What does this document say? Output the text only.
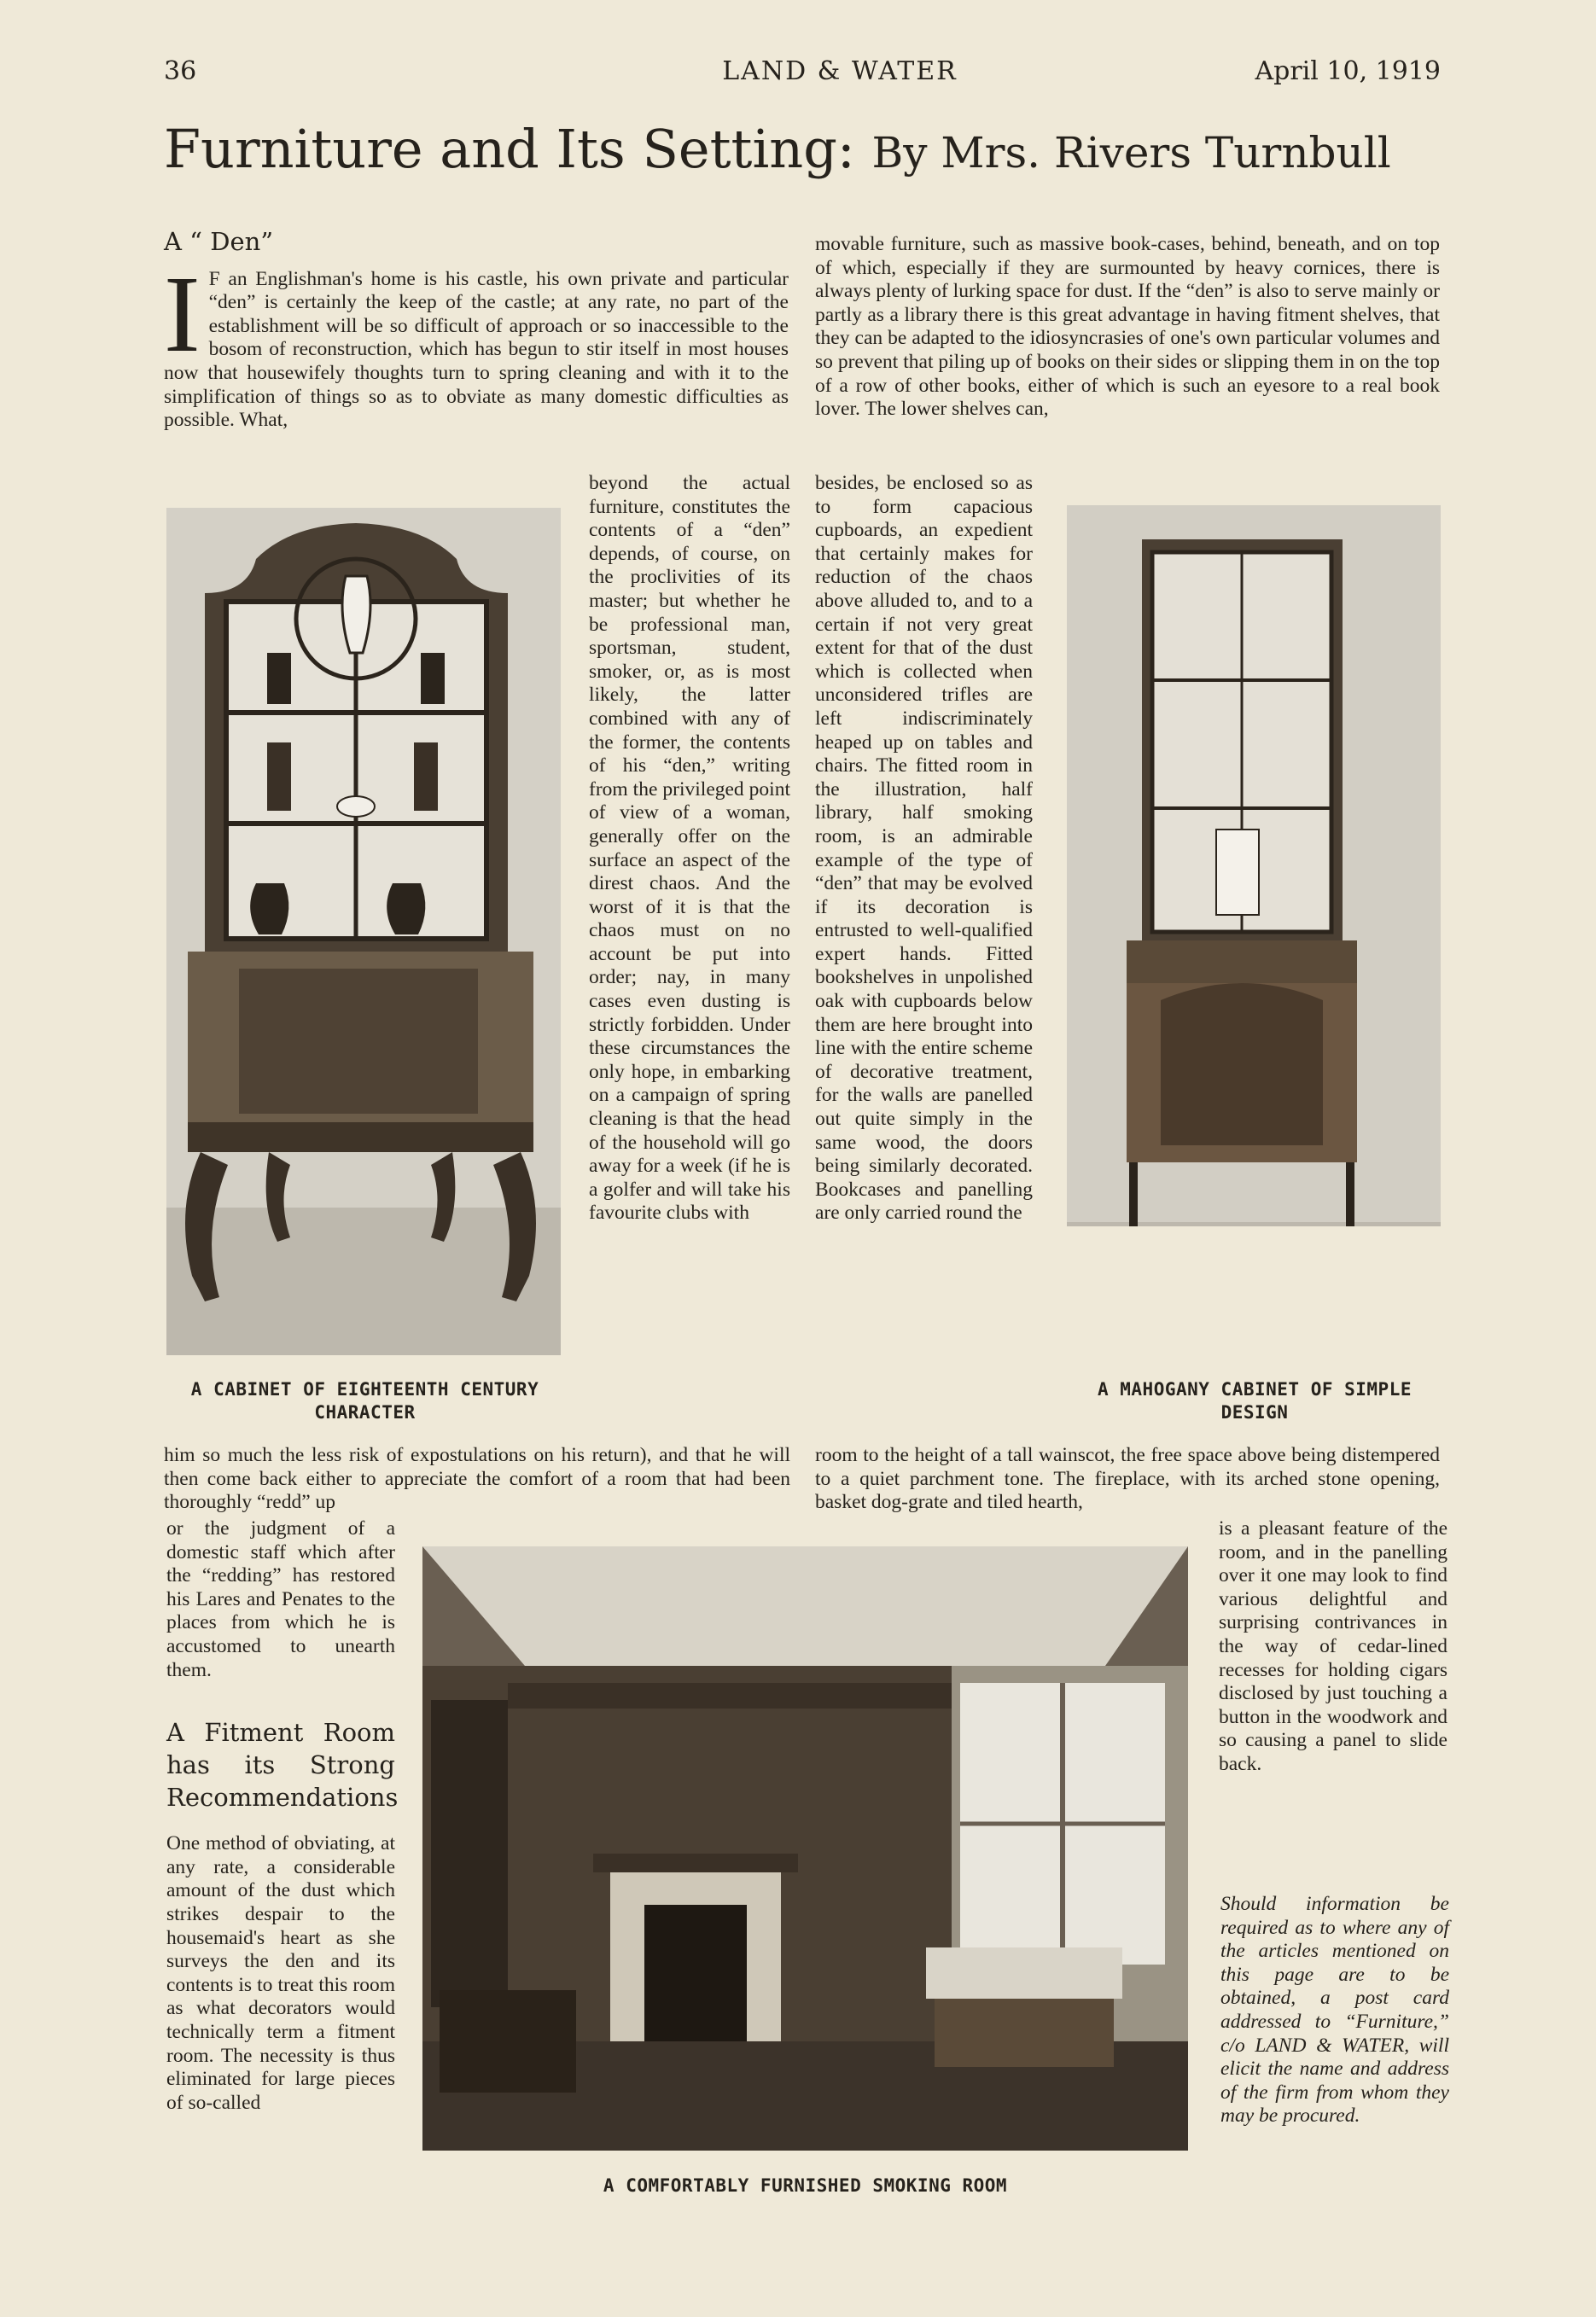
36	LAND & WATER	April 10, 1919
Furniture and Its Setting: By Mrs. Rivers Turnbull
A “ Den”
I F an Englishman's home is his castle, his own private and particular “den” is certainly the keep of the castle; at any rate, no part of the establishment will be so difficult of approach or so inaccessible to the bosom of reconstruction, which has begun to stir itself in most houses now that housewifely thoughts turn to spring cleaning and with it to the simplification of things so as to obviate as many domestic difficulties as possible. What,

A CABINET OF EIGHTEENTH CENTURY CHARACTER

beyond the actual furniture, constitutes the contents of a “den” depends, of course, on the proclivities of its master; but whether he be professional man, sportsman, student, smoker, or, as is most likely, the latter combined with any of the former, the contents of his “den,” writing from the privileged point of view of a woman, generally offer on the surface an aspect of the direst chaos. And the worst of it is that the chaos must on no account be put into order; nay, in many cases even dusting is strictly forbidden. Under these circumstances the only hope, in embarking on a campaign of spring cleaning is that the head of the household will go away for a week (if he is a golfer and will take his favourite clubs with

him so much the less risk of expostulations on his return), and that he will then come back either to appreciate the comfort of a room that had been thoroughly “redd” up

or the judgment of a domestic staff which after the “redding” has restored his Lares and Penates to the places from which he is accustomed to unearth them.

A Fitment Room has its Strong Recommendations

One method of obviating, at any rate, a considerable amount of the dust which strikes despair to the housemaid's heart as she surveys the den and its contents is to treat this room as what decorators would technically term a fitment room. The necessity is thus eliminated for large pieces of so-called

movable furniture, such as massive book-cases, behind, beneath, and on top of which, especially if they are surmounted by heavy cornices, there is always plenty of lurking space for dust. If the “den” is also to serve mainly or partly as a library there is this great advantage in having fitment shelves, that they can be adapted to the idiosyncrasies of one's own particular volumes and so prevent that piling up of books on their sides or slipping them in on the top of a row of other books, either of which is such an eyesore to a real book lover. The lower shelves can,

besides, be enclosed so as to form capacious cupboards, an expedient that certainly makes for reduction of the chaos above alluded to, and to a certain if not very great extent for that of the dust which is collected when unconsidered trifles are left indiscriminately heaped up on tables and chairs. The fitted room in the illustration, half library, half smoking room, is an admirable example of the type of “den” that may be evolved if its decoration is entrusted to well-qualified expert hands. Fitted bookshelves in unpolished oak with cupboards below them are here brought into line with the entire scheme of decorative treatment, for the walls are panelled out quite simply in the same wood, the doors being similarly decorated. Bookcases and panelling are only carried round the

A MAHOGANY CABINET OF SIMPLE DESIGN

room to the height of a tall wainscot, the free space above being distempered to a quiet parchment tone. The fireplace, with its arched stone opening, basket dog-grate and tiled hearth,

is a pleasant feature of the room, and in the panelling over it one may look to find various delightful and surprising contrivances in the way of cedar-lined recesses for holding cigars disclosed by just touching a button in the woodwork and so causing a panel to slide back.

Should information be required as to where any of the articles mentioned on this page are to be obtained, a post card addressed to “Furniture,” c/o LAND & WATER, will elicit the name and address of the firm from whom they may be procured.

A COMFORTABLY FURNISHED SMOKING ROOM
